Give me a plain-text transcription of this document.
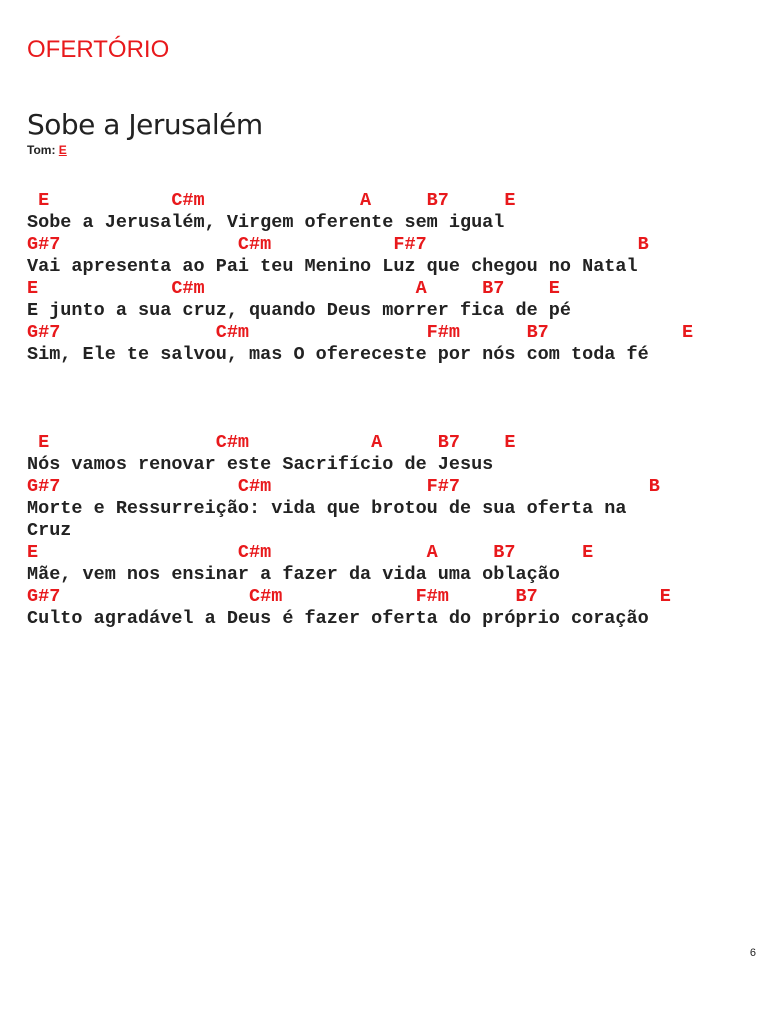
OFERTÓRIO
Sobe a Jerusalém
Tom: E
E           C#m              A     B7     E
Sobe a Jerusalém, Virgem oferente sem igual
G#7                C#m           F#7                   B
Vai apresenta ao Pai teu Menino Luz que chegou no Natal
E            C#m                   A     B7    E
E junto a sua cruz, quando Deus morrer fica de pé
G#7              C#m                F#m      B7            E
Sim, Ele te salvou, mas O ofereceste por nós com toda fé
E               C#m           A     B7    E
Nós vamos renovar este Sacrifício de Jesus
G#7                C#m              F#7                 B
Morte e Ressurreição: vida que brotou de sua oferta na
Cruz
E                  C#m              A     B7      E
Mãe, vem nos ensinar a fazer da vida uma oblação
G#7                 C#m            F#m      B7           E
Culto agradável a Deus é fazer oferta do próprio coração
6
